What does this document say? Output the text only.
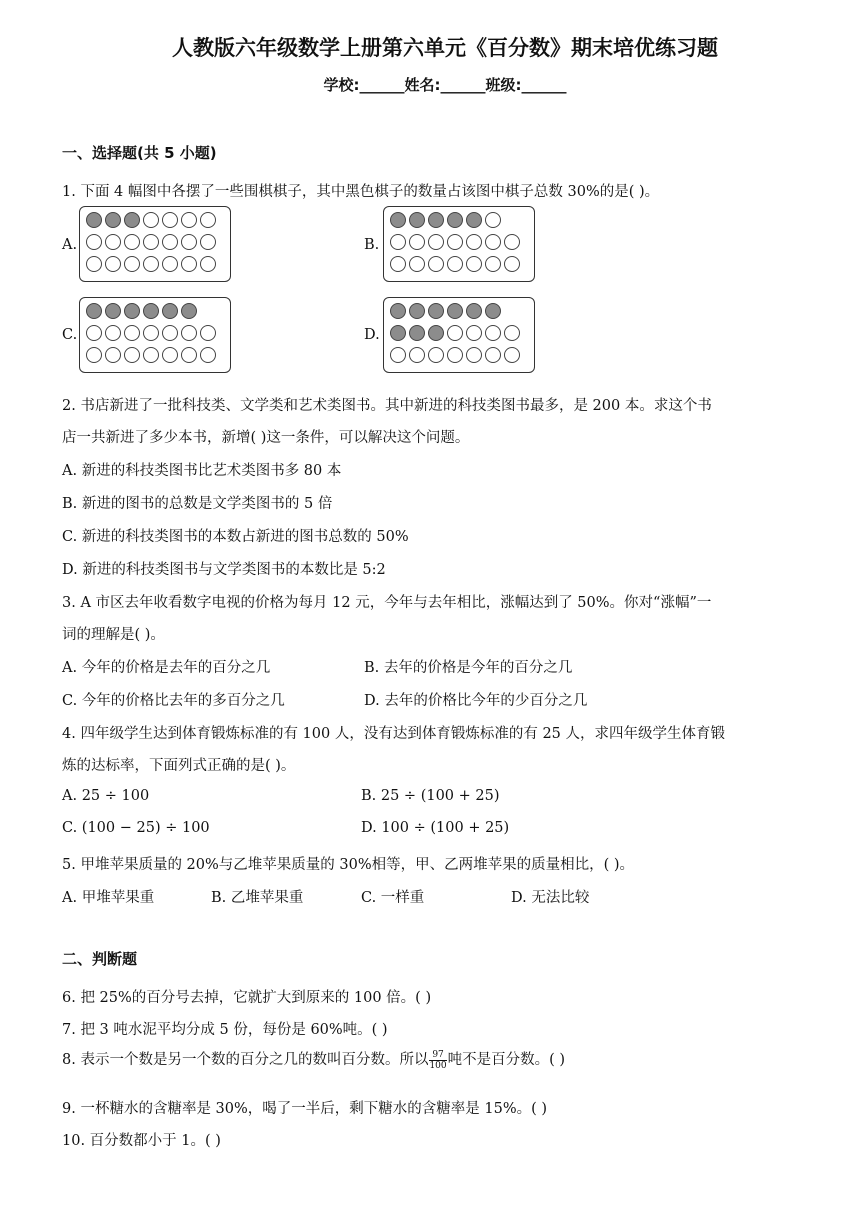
人教版六年级数学上册第六单元《百分数》期末培优练习题
学校:______姓名:______班级:______
一、选择题(共 5 小题)
1. 下面 4 幅图中各摆了一些围棋棋子，其中黑色棋子的数量占该图中棋子总数 30%的是( )。
A.	B.
C.	D.
2. 书店新进了一批科技类、文学类和艺术类图书。其中新进的科技类图书最多，是 200 本。求这个书
店一共新进了多少本书，新增( )这一条件，可以解决这个问题。
A. 新进的科技类图书比艺术类图书多 80 本
B. 新进的图书的总数是文学类图书的 5 倍
C. 新进的科技类图书的本数占新进的图书总数的 50%
D. 新进的科技类图书与文学类图书的本数比是 5:2
3. A 市区去年收看数字电视的价格为每月 12 元，今年与去年相比，涨幅达到了 50%。你对“涨幅”一
词的理解是( )。
A. 今年的价格是去年的百分之几	B. 去年的价格是今年的百分之几
C. 今年的价格比去年的多百分之几	D. 去年的价格比今年的少百分之几
4. 四年级学生达到体育锻炼标准的有 100 人，没有达到体育锻炼标准的有 25 人，求四年级学生体育锻
炼的达标率，下面列式正确的是( )。
A. 25 ÷ 100	B. 25 ÷ (100 + 25)
C. (100 − 25) ÷ 100	D. 100 ÷ (100 + 25)
5. 甲堆苹果质量的 20%与乙堆苹果质量的 30%相等，甲、乙两堆苹果的质量相比，( )。
A. 甲堆苹果重	B. 乙堆苹果重	C. 一样重	D. 无法比较
二、判断题
6. 把 25%的百分号去掉，它就扩大到原来的 100 倍。( )
7. 把 3 吨水泥平均分成 5 份，每份是 60%吨。( )
8. 表示一个数是另一个数的百分之几的数叫百分数。所以 $\frac{97}{100}$ 吨不是百分数。( )
9. 一杯糖水的含糖率是 30%，喝了一半后，剩下糖水的含糖率是 15%。( )
10. 百分数都小于 1。( )
